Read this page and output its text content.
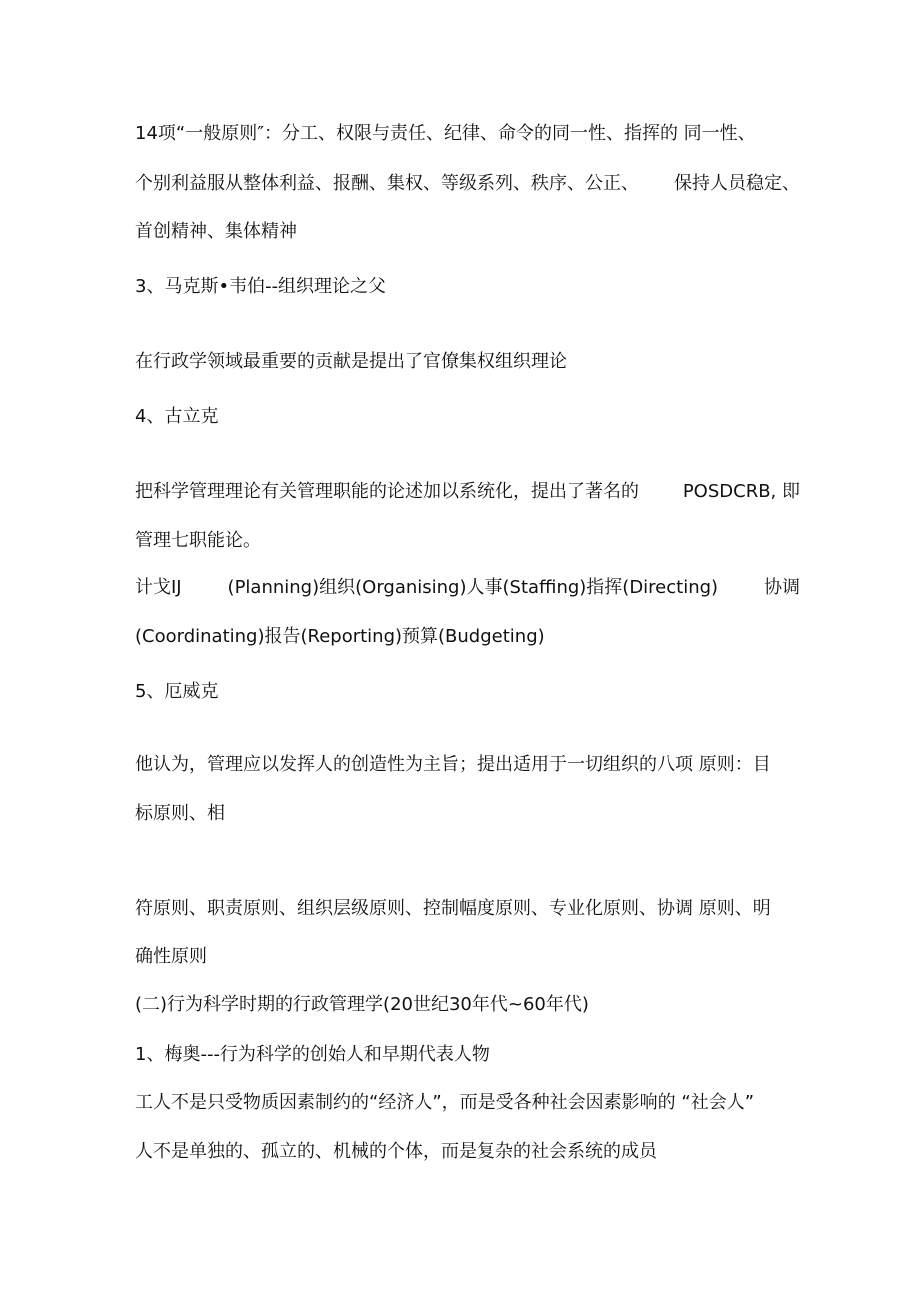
14项“一般原则″：分工、权限与责任、纪律、命令的同一性、指挥的 同一性、
个别利益服从整体利益、报酬、集权、等级系列、秩序、公正、 保持人员稳定、
首创精神、集体精神
3、马克斯•韦伯--组织理论之父
在行政学领域最重要的贡献是提出了官僚集权组织理论
4、古立克
把科学管理理论有关管理职能的论述加以系统化，提出了著名的 POSDCRB, 即
管理七职能论。
计戈IJ	(Planning)组织(Organising)人事(Staffing)指挥(Directing)	协调
(Coordinating)报告(Reporting)预算(Budgeting)
5、厄威克
他认为，管理应以发挥人的创造性为主旨；提出适用于一切组织的八项 原则：目
标原则、相
符原则、职责原则、组织层级原则、控制幅度原则、专业化原则、协调 原则、明
确性原则
(二)行为科学时期的行政管理学(20世纪30年代~60年代)
1、梅奥---行为科学的创始人和早期代表人物
工人不是只受物质因素制约的“经济人”，而是受各种社会因素影响的 “社会人”
人不是单独的、孤立的、机械的个体，而是复杂的社会系统的成员
